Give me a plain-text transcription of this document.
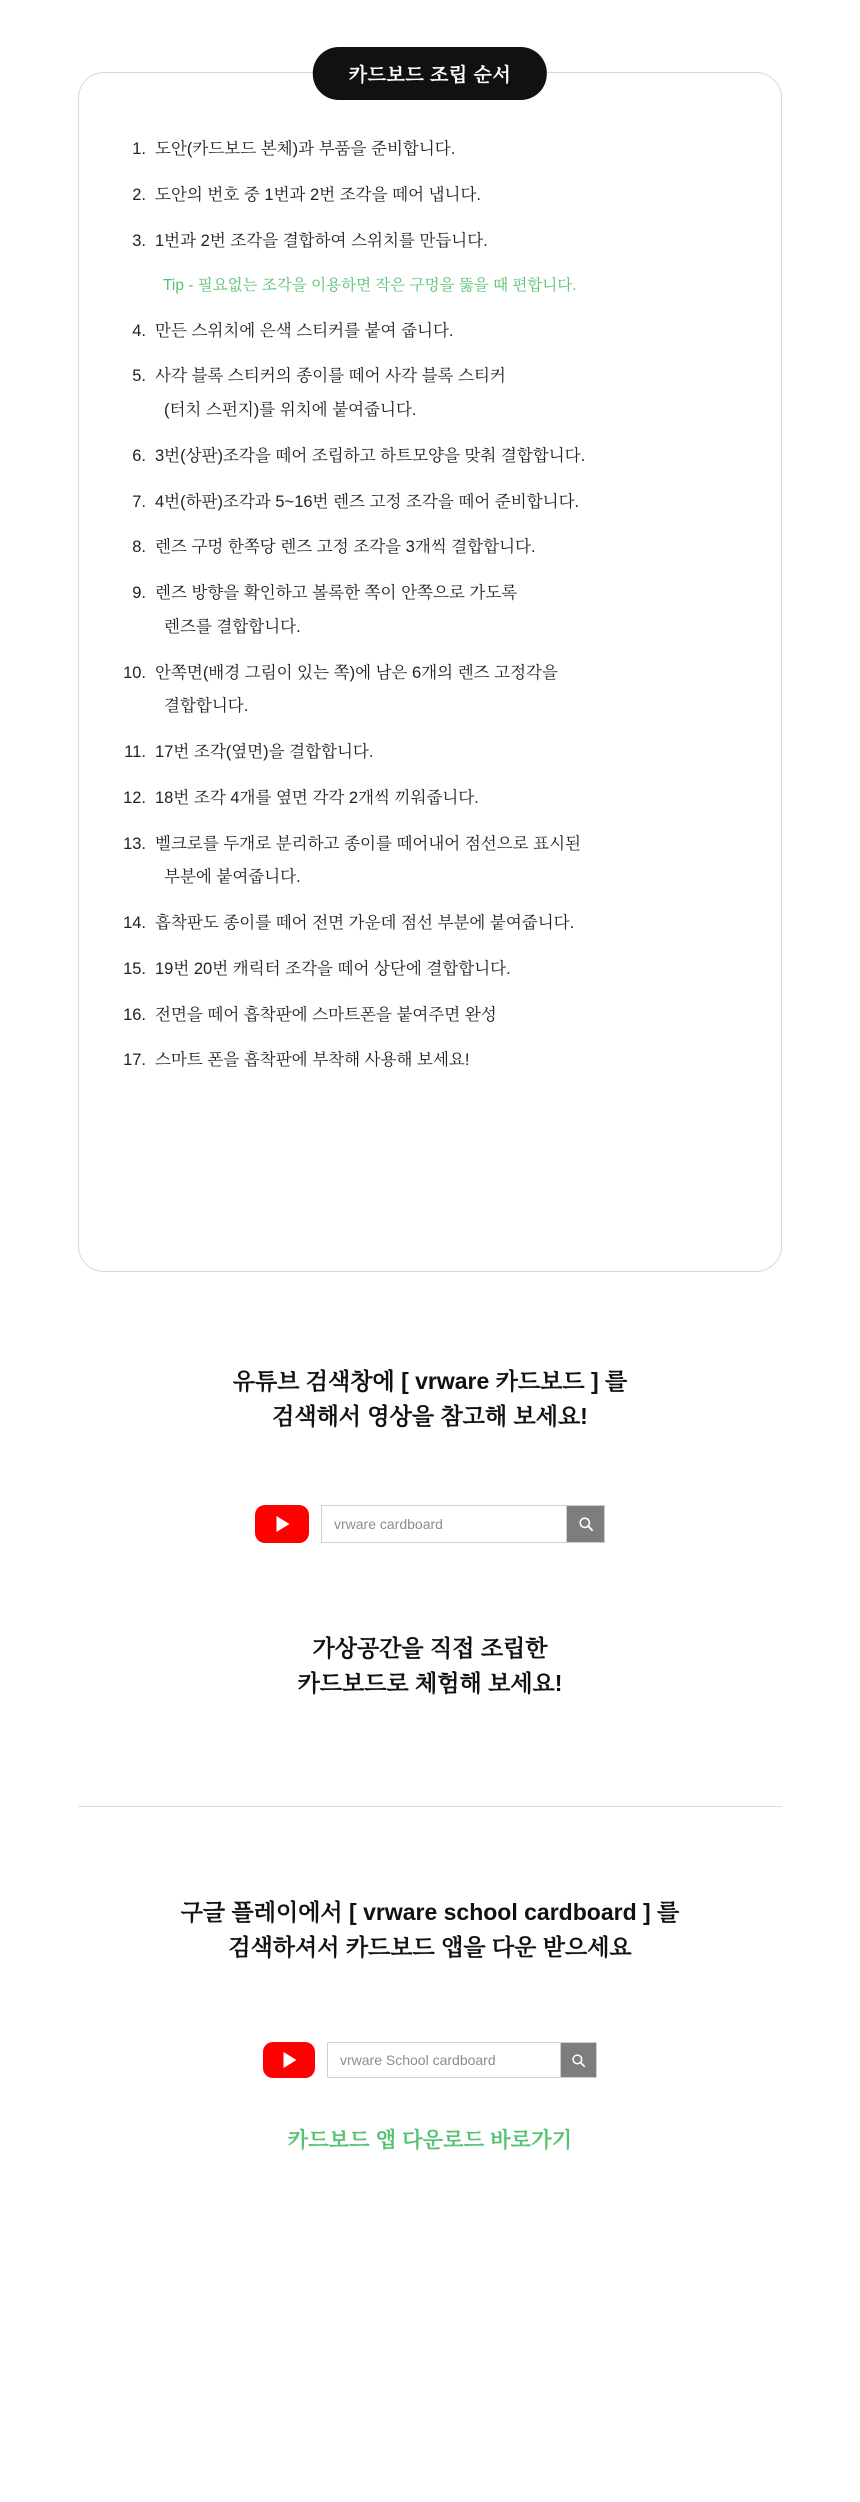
카드보드 조립 순서
1. 도안(카드보드 본체)과 부품을 준비합니다.
2. 도안의 번호 중 1번과 2번 조각을 떼어 냅니다.
3. 1번과 2번 조각을 결합하여 스위치를 만듭니다.
Tip - 필요없는 조각을 이용하면 작은 구멍을 뚫을 때 편합니다.
4. 만든 스위치에 은색 스티커를 붙여 줍니다.
5. 사각 블록 스티커의 종이를 떼어 사각 블록 스티커
(터치 스펀지)를 위치에 붙여줍니다.
6. 3번(상판)조각을 떼어 조립하고 하트모양을 맞춰 결합합니다.
7. 4번(하판)조각과 5~16번 렌즈 고정 조각을 떼어 준비합니다.
8. 렌즈 구멍 한쪽당 렌즈 고정 조각을 3개씩 결합합니다.
9. 렌즈 방향을 확인하고 볼록한 쪽이 안쪽으로 가도록
렌즈를 결합합니다.
10. 안쪽면(배경 그림이 있는 쪽)에 남은 6개의 렌즈 고정각을
결합합니다.
11. 17번 조각(옆면)을 결합합니다.
12. 18번 조각 4개를 옆면 각각 2개씩 끼워줍니다.
13. 벨크로를 두개로 분리하고 종이를 떼어내어 점선으로 표시된
부분에 붙여줍니다.
14. 흡착판도 종이를 떼어 전면 가운데 점선 부분에 붙여줍니다.
15. 19번 20번 캐릭터 조각을 떼어 상단에 결합합니다.
16. 전면을 떼어 흡착판에 스마트폰을 붙여주면 완성
17. 스마트 폰을 흡착판에 부착해 사용해 보세요!

유튜브 검색창에 [ vrware 카드보드 ] 를
검색해서 영상을 참고해 보세요!

vrware cardboard

가상공간을 직접 조립한
카드보드로 체험해 보세요!

구글 플레이에서 [ vrware school cardboard ] 를
검색하셔서 카드보드 앱을 다운 받으세요

vrware School cardboard
카드보드 앱 다운로드 바로가기
